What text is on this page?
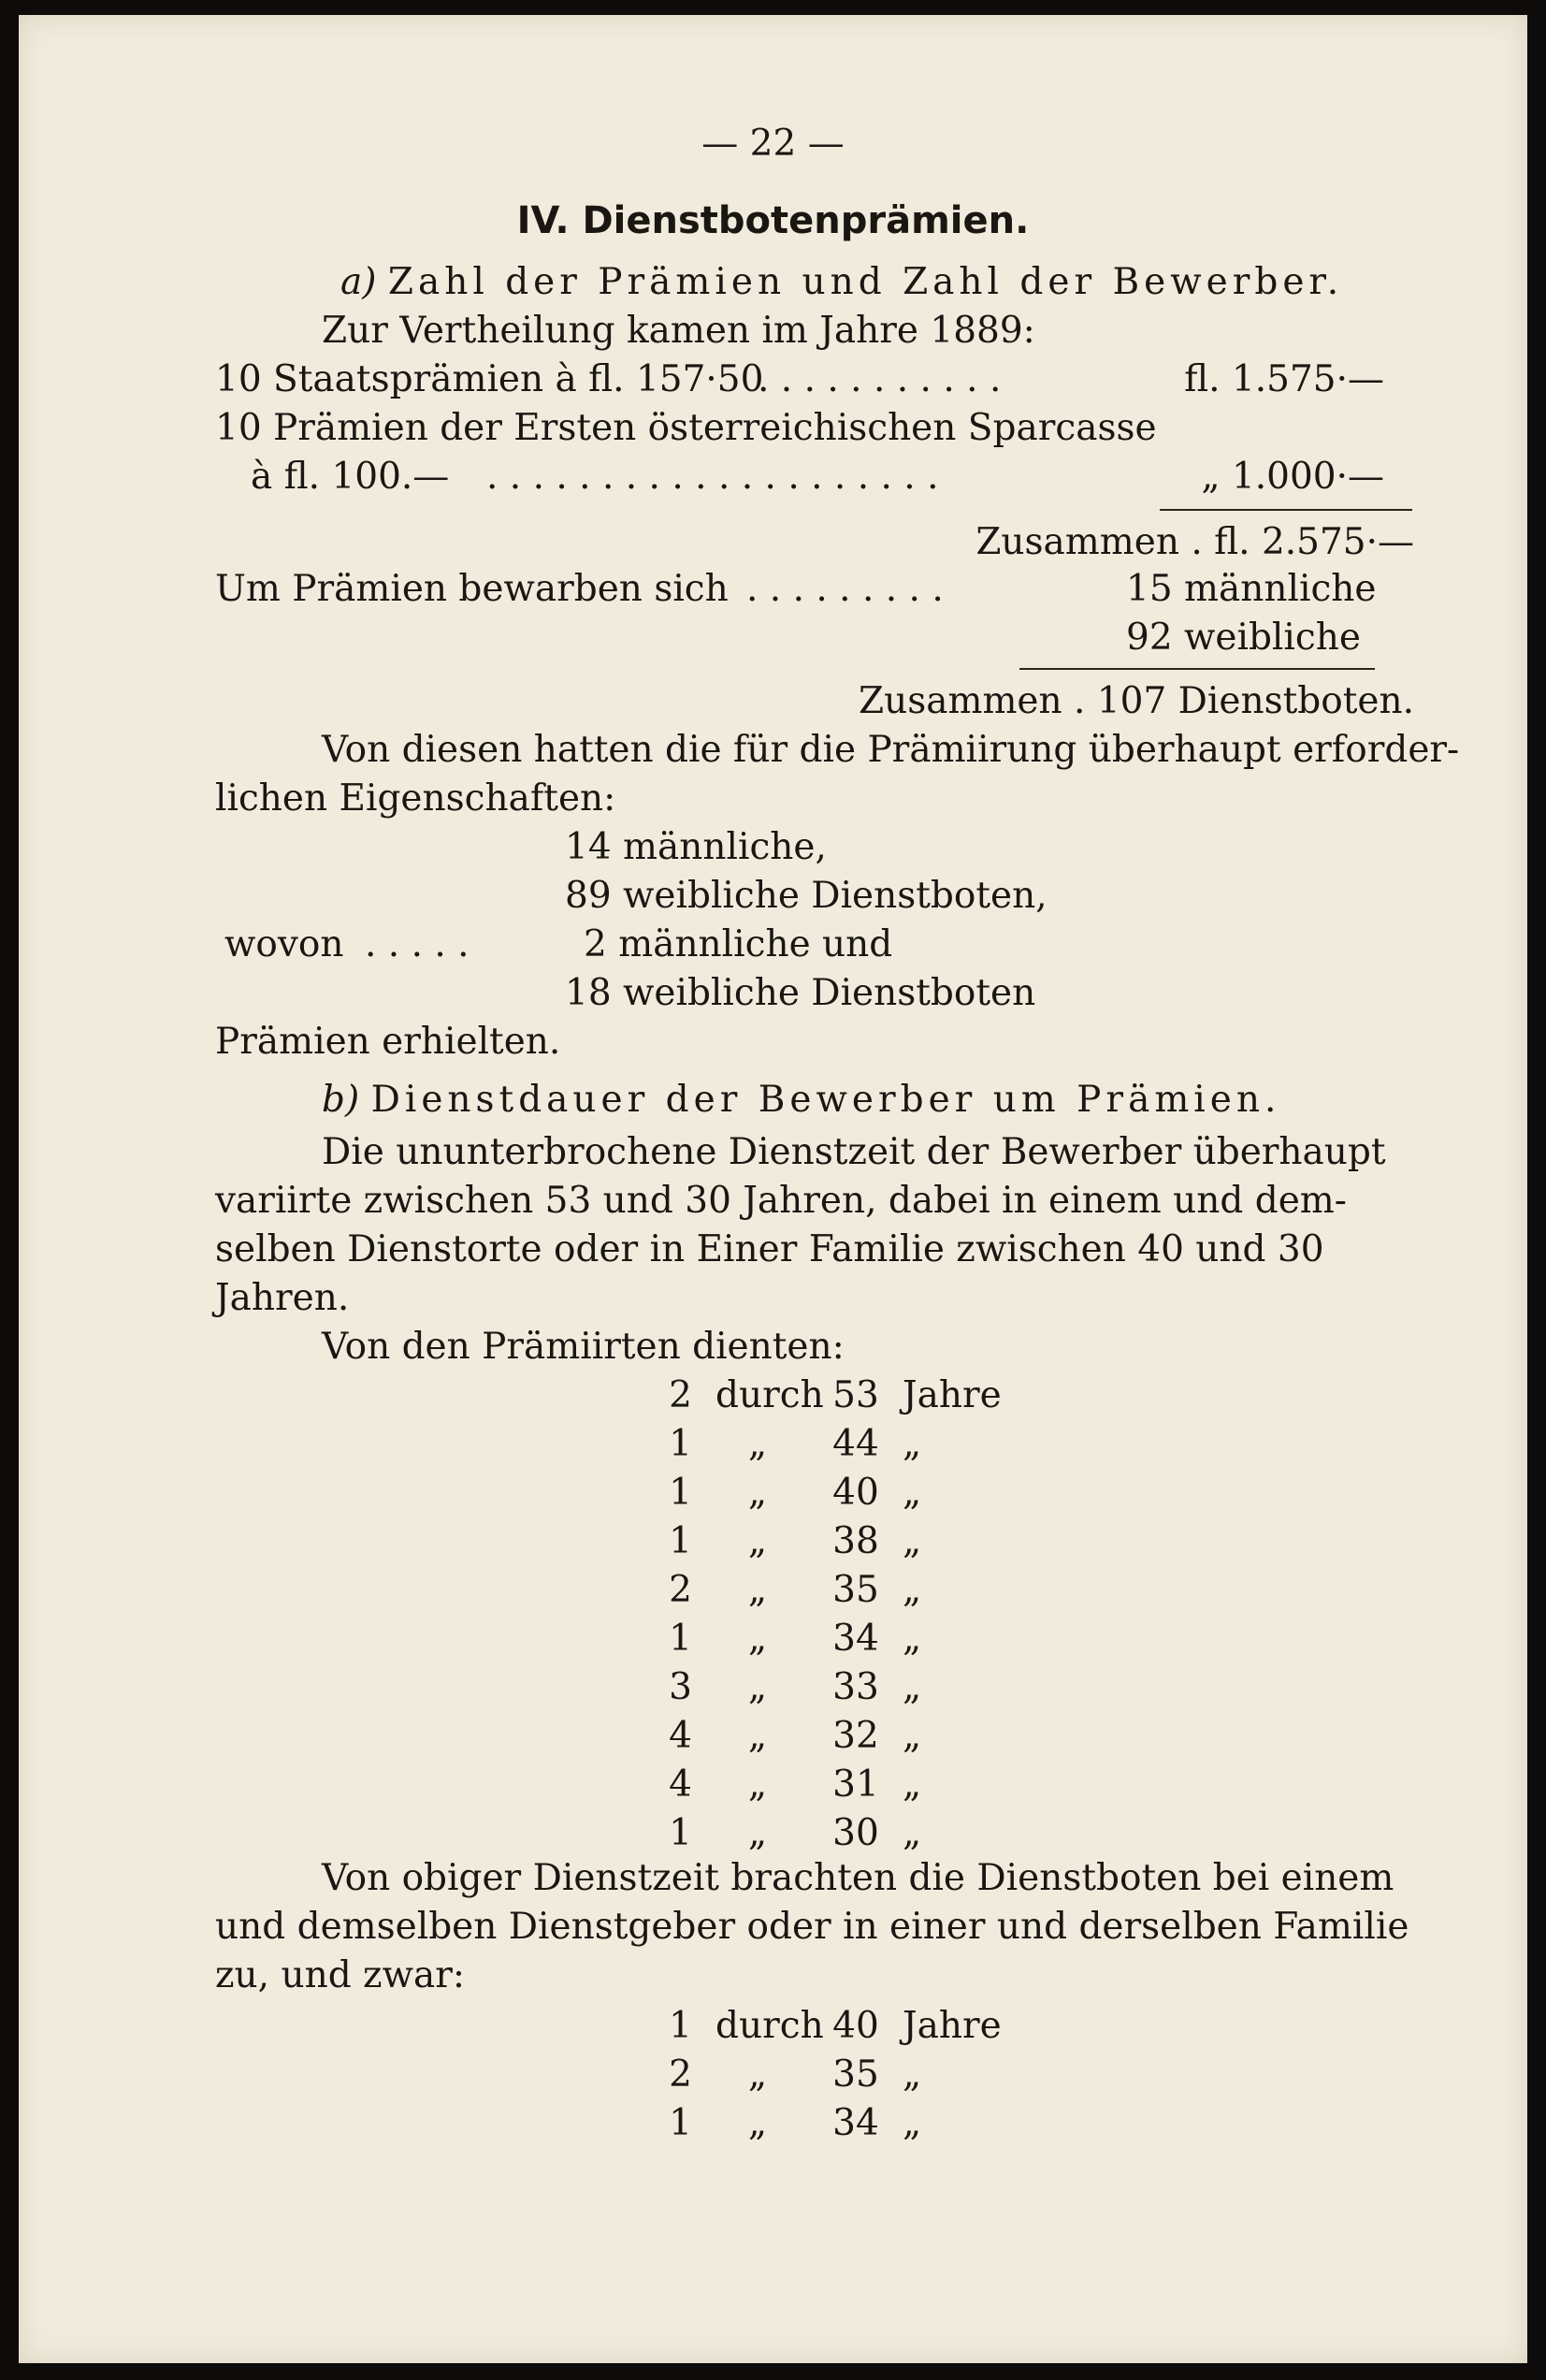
— 22 —
IV. Dienstbotenprämien.
a) Zahl der Prämien und Zahl der Bewerber.
Zur Vertheilung kamen im Jahre 1889:
10 Staatsprämien à fl. 157·50
. . . . . . . . . . .	fl. 1.575·—
10 Prämien der Ersten österreichischen Sparcasse
à fl. 100.— . . . . . . . . . . . . . . . . . . . .	„ 1.000·—
Zusammen . fl. 2.575·—
Um Prämien bewarben sich . . . . . . . . .	15 männliche
92 weibliche
Zusammen . 107 Dienstboten.
Von diesen hatten die für die Prämiirung überhaupt erforder-
lichen Eigenschaften:
14 männliche,
89 weibliche Dienstboten,
wovon . . . . .	2 männliche und
18 weibliche Dienstboten
Prämien erhielten.
b) Dienstdauer der Bewerber um Prämien.
Die ununterbrochene Dienstzeit der Bewerber überhaupt
variirte zwischen 53 und 30 Jahren, dabei in einem und dem-
selben Dienstorte oder in Einer Familie zwischen 40 und 30
Jahren.
Von den Prämiirten dienten:
2 durch 53 Jahre
1	„	44 „
1	„	40 „
1	„	38 „
2	„	35 „
1	„	34 „
3	„	33 „
4	„	32 „
4	„	31 „
1	„	30 „
Von obiger Dienstzeit brachten die Dienstboten bei einem
und demselben Dienstgeber oder in einer und derselben Familie
zu, und zwar:
1 durch 40 Jahre
2	„	35 „
1	„	34 „
